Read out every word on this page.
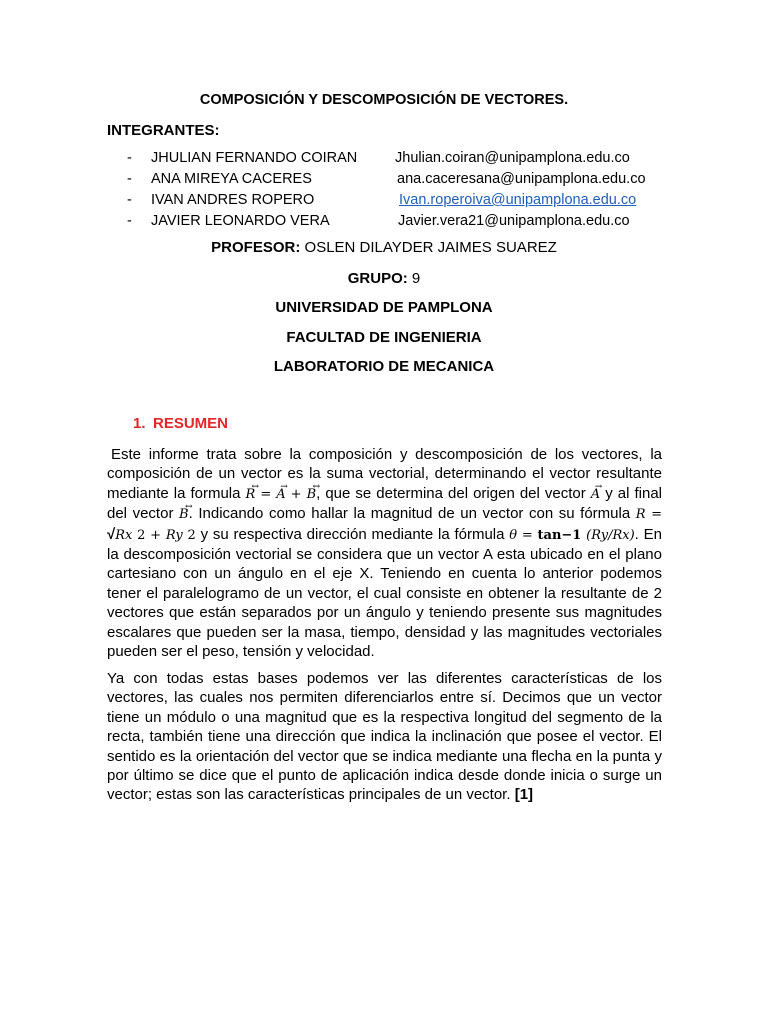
COMPOSICIÓN Y DESCOMPOSICIÓN DE VECTORES.
INTEGRANTES:
- JHULIAN FERNANDO COIRAN	Jhulian.coiran@unipamplona.edu.co
- ANA MIREYA CACERES	ana.caceresana@unipamplona.edu.co
- IVAN ANDRES ROPERO	Ivan.roperoiva@unipamplona.edu.co
- JAVIER LEONARDO VERA	Javier.vera21@unipamplona.edu.co
PROFESOR: OSLEN DILAYDER JAIMES SUAREZ
GRUPO: 9
UNIVERSIDAD DE PAMPLONA
FACULTAD DE INGENIERIA
LABORATORIO DE MECANICA
1. RESUMEN
Este informe trata sobre la composición y descomposición de los vectores, la composición de un vector es la suma vectorial, determinando el vector resultante mediante la formula ↔ R = → A + ↔ B, que se determina del origen del vector → A y al final del vector ↔ B. Indicando como hallar la magnitud de un vector con su fórmula R = √Rx 2 + Ry 2 y su respectiva dirección mediante la fórmula θ = tan−1 (Ry/Rx). En la descomposición vectorial se considera que un vector A esta ubicado en el plano cartesiano con un ángulo en el eje X. Teniendo en cuenta lo anterior podemos tener el paralelogramo de un vector, el cual consiste en obtener la resultante de 2 vectores que están separados por un ángulo y teniendo presente sus magnitudes escalares que pueden ser la masa, tiempo, densidad y las magnitudes vectoriales pueden ser el peso, tensión y velocidad.
Ya con todas estas bases podemos ver las diferentes características de los vectores, las cuales nos permiten diferenciarlos entre sí. Decimos que un vector tiene un módulo o una magnitud que es la respectiva longitud del segmento de la recta, también tiene una dirección que indica la inclinación que posee el vector. El sentido es la orientación del vector que se indica mediante una flecha en la punta y por último se dice que el punto de aplicación indica desde donde inicia o surge un vector; estas son las características principales de un vector. [1]
